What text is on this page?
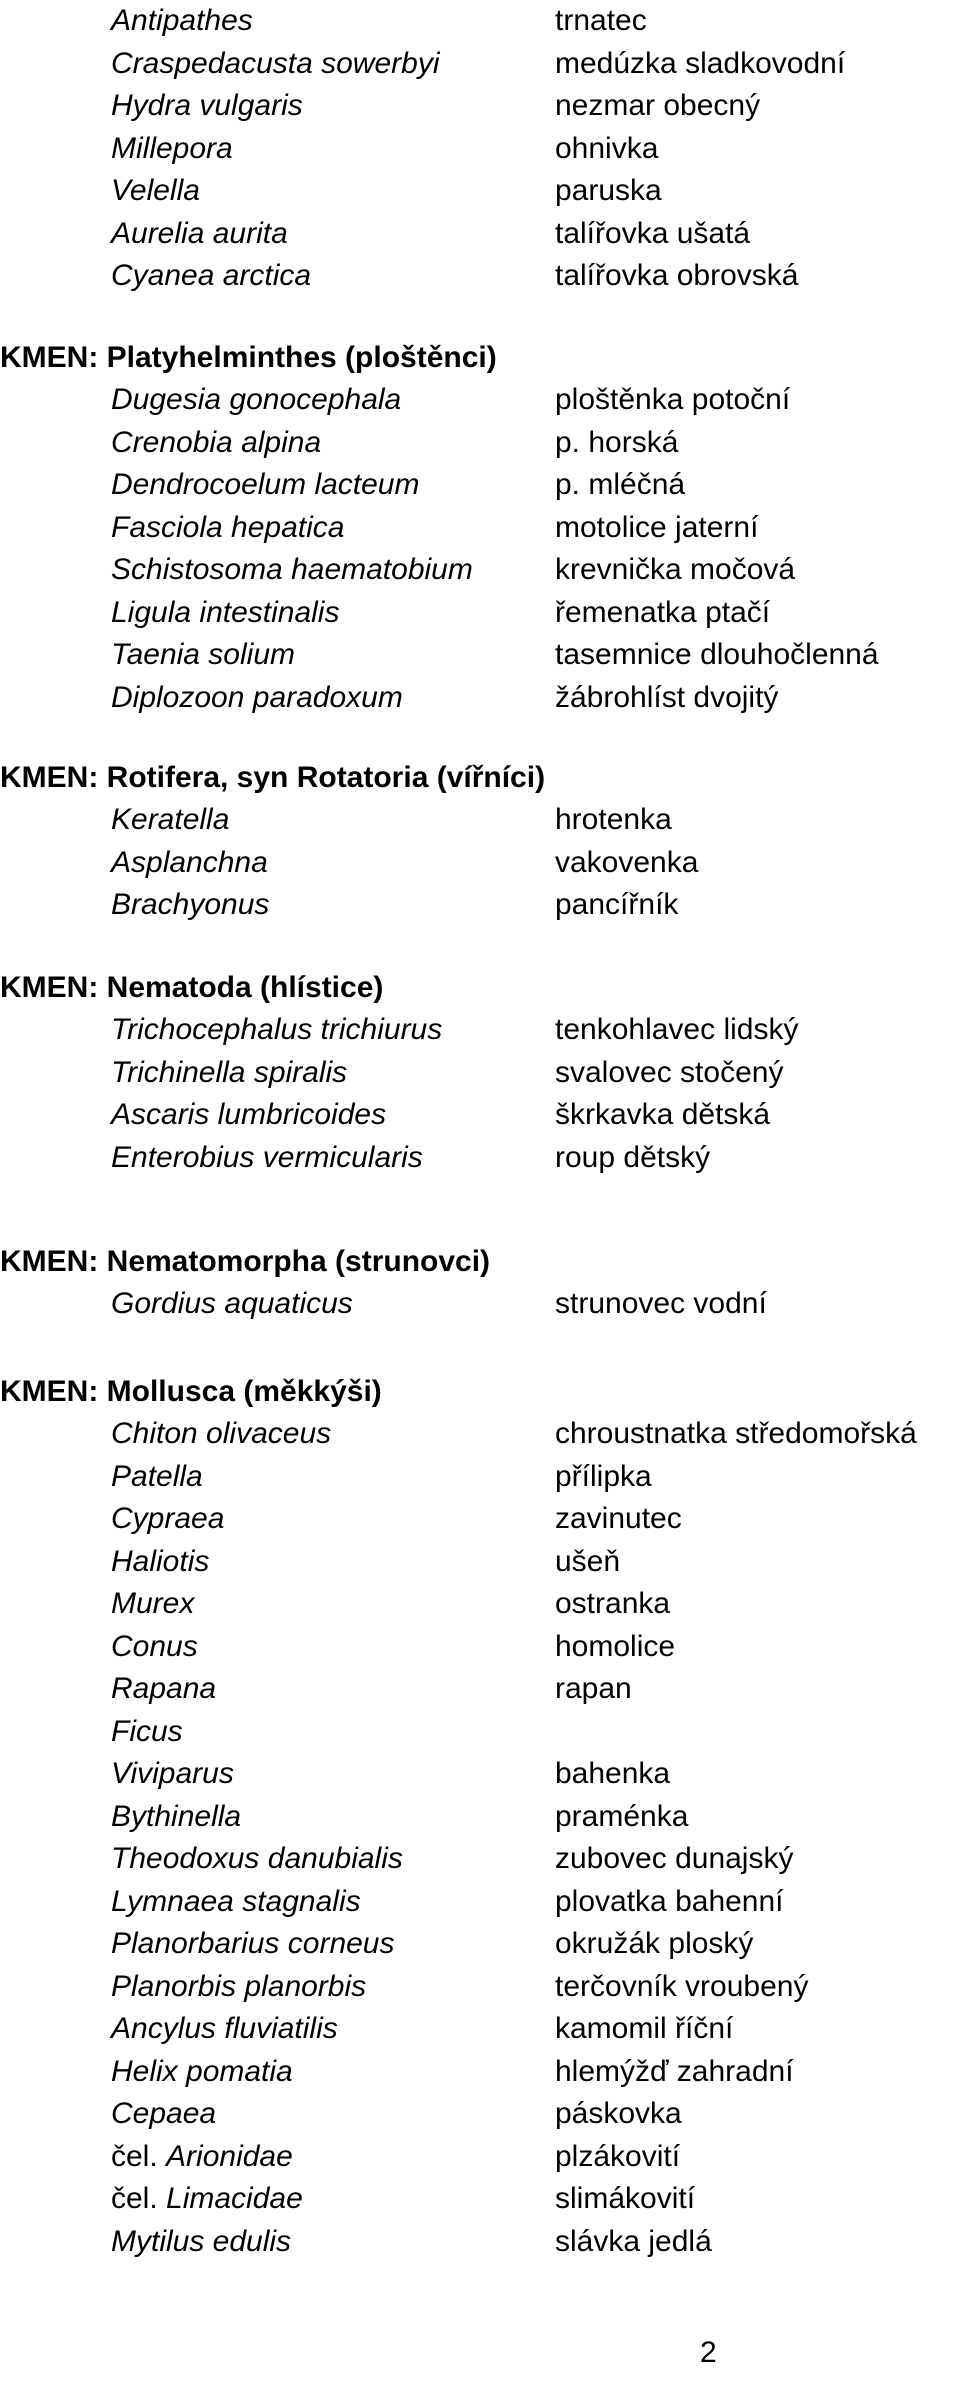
Antipathes	trnatec
Craspedacusta sowerbyi	medúzka sladkovodní
Hydra vulgaris	nezmar obecný
Millepora	ohnivka
Velella	paruska
Aurelia aurita	talířovka ušatá
Cyanea arctica	talířovka obrovská
KMEN: Platyhelminthes (ploštěnci)
Dugesia gonocephala	ploštěnka potoční
Crenobia alpina	p. horská
Dendrocoelum lacteum	p. mléčná
Fasciola hepatica	motolice jaterní
Schistosoma haematobium	krevnička močová
Ligula intestinalis	řemenatka ptačí
Taenia solium	tasemnice dlouhočlenná
Diplozoon paradoxum	žábrohlíst dvojitý
KMEN: Rotifera, syn Rotatoria (vířníci)
Keratella	hrotenka
Asplanchna	vakovenka
Brachyonus	pancířník
KMEN: Nematoda (hlístice)
Trichocephalus trichiurus	tenkohlavec lidský
Trichinella spiralis	svalovec stočený
Ascaris lumbricoides	škrkavka dětská
Enterobius vermicularis	roup dětský
KMEN: Nematomorpha (strunovci)
Gordius aquaticus	strunovec vodní
KMEN: Mollusca (měkkýši)
Chiton olivaceus	chroustnatka středomořská
Patella	přílipka
Cypraea	zavinutec
Haliotis	ušeň
Murex	ostranka
Conus	homolice
Rapana	rapan
Ficus
Viviparus	bahenka
Bythinella	praménka
Theodoxus danubialis	zubovec dunajský
Lymnaea stagnalis	plovatka bahenní
Planorbarius corneus	okružák ploský
Planorbis planorbis	terčovník vroubený
Ancylus fluviatilis	kamomil říční
Helix pomatia	hlemýžď zahradní
Cepaea	páskovka
čel. Arionidae	plzákovití
čel. Limacidae	slimákovití
Mytilus edulis	slávka jedlá
2
